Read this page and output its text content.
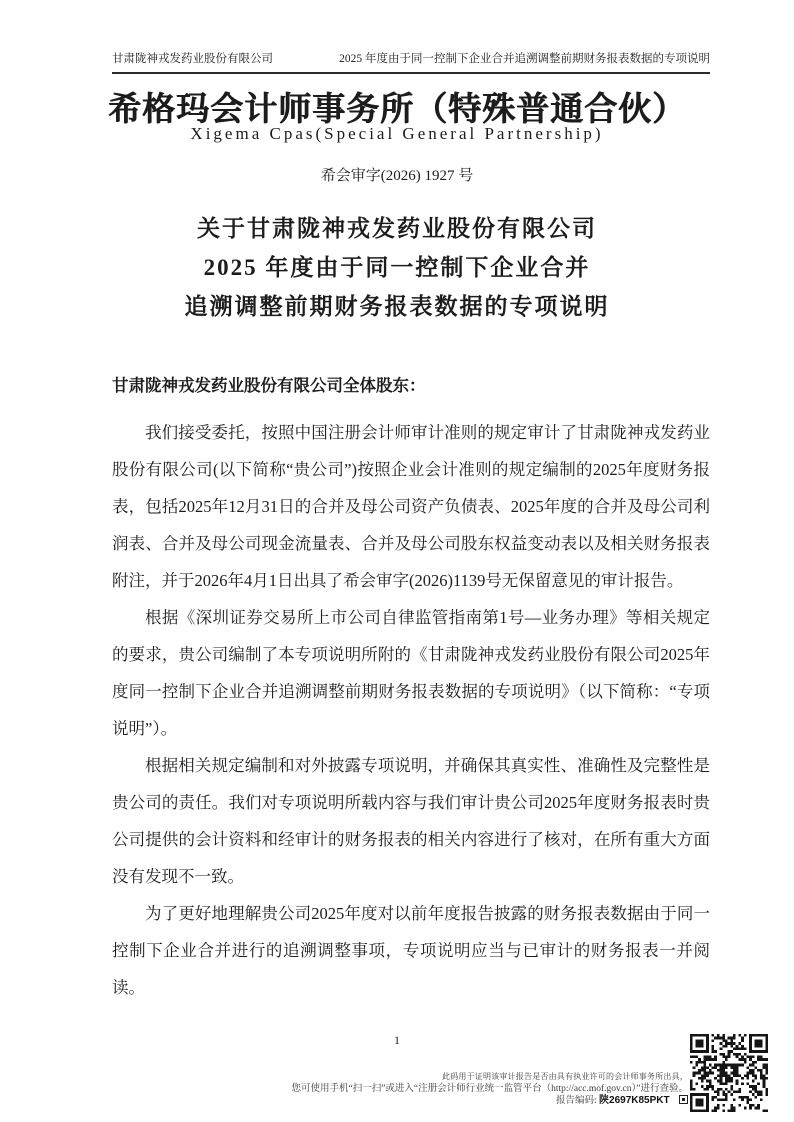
甘肃陇神戎发药业股份有限公司	2025 年度由于同一控制下企业合并追溯调整前期财务报表数据的专项说明
希格玛会计师事务所（特殊普通合伙）
Xigema Cpas(Special General Partnership)
希会审字(2026) 1927 号
关于甘肃陇神戎发药业股份有限公司
2025 年度由于同一控制下企业合并
追溯调整前期财务报表数据的专项说明
甘肃陇神戎发药业股份有限公司全体股东：

我们接受委托，按照中国注册会计师审计准则的规定审计了甘肃陇神戎发药业股份有限公司(以下简称“贵公司”)按照企业会计准则的规定编制的2025年度财务报表，包括2025年12月31日的合并及母公司资产负债表、2025年度的合并及母公司利润表、合并及母公司现金流量表、合并及母公司股东权益变动表以及相关财务报表附注，并于2026年4月1日出具了希会审字(2026)1139号无保留意见的审计报告。

根据《深圳证券交易所上市公司自律监管指南第1号—业务办理》等相关规定的要求，贵公司编制了本专项说明所附的《甘肃陇神戎发药业股份有限公司2025年度同一控制下企业合并追溯调整前期财务报表数据的专项说明》（以下简称：“专项说明”）。

根据相关规定编制和对外披露专项说明，并确保其真实性、准确性及完整性是贵公司的责任。我们对专项说明所载内容与我们审计贵公司2025年度财务报表时贵公司提供的会计资料和经审计的财务报表的相关内容进行了核对，在所有重大方面没有发现不一致。

为了更好地理解贵公司2025年度对以前年度报告披露的财务报表数据由于同一控制下企业合并进行的追溯调整事项，专项说明应当与已审计的财务报表一并阅读。

1
此码用于证明该审计报告是否由具有执业许可的会计师事务所出具，
您可使用手机“扫一扫”或进入“注册会计师行业统一监管平台（http://acc.mof.gov.cn）”进行查验。
报告编码: 陕2697K85PKT
